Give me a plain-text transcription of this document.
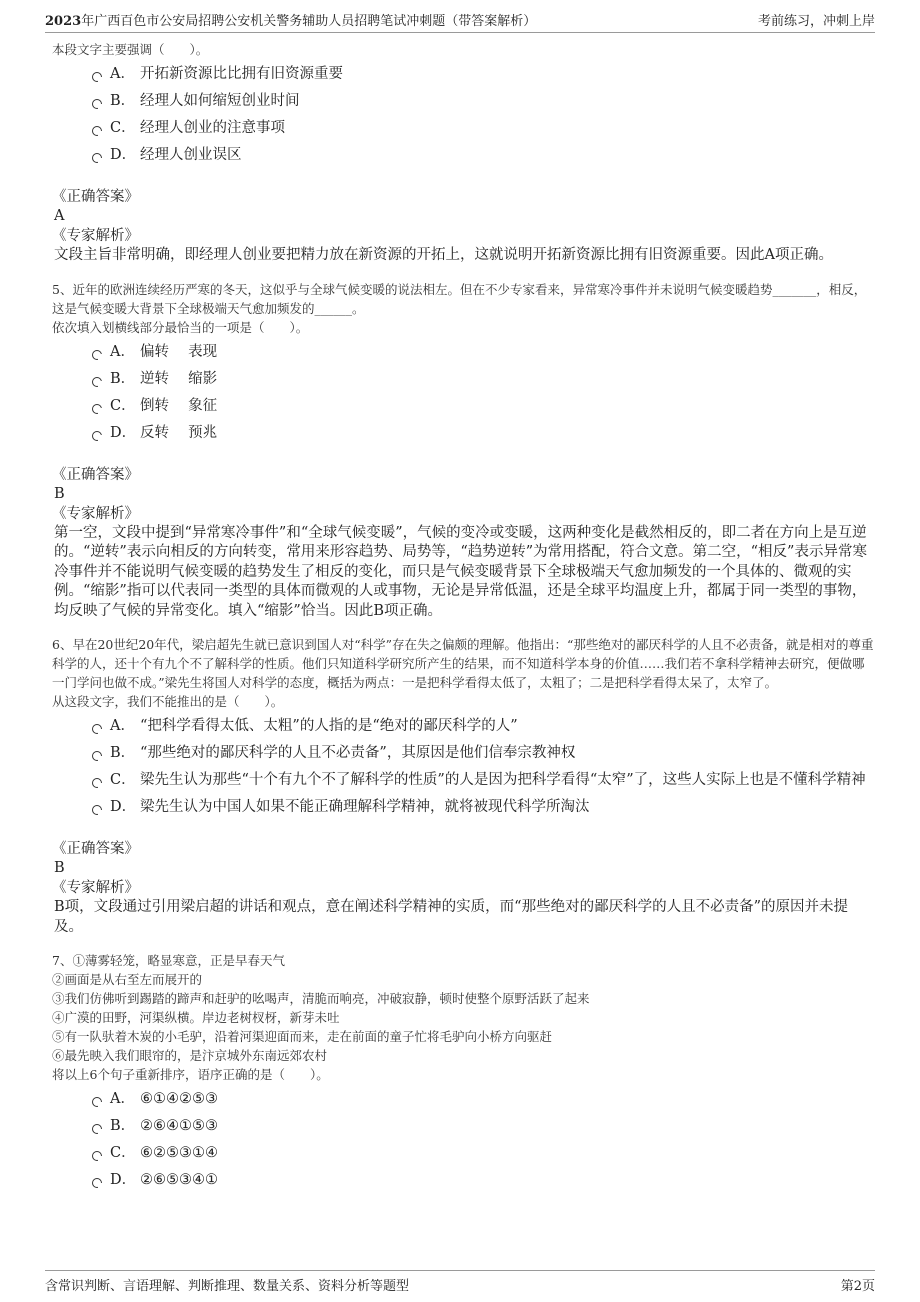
2023年广西百色市公安局招聘公安机关警务辅助人员招聘笔试冲刺题（带答案解析）	考前练习，冲刺上岸
本段文字主要强调（　　）。
A． 开拓新资源比比拥有旧资源重要
B． 经理人如何缩短创业时间
C． 经理人创业的注意事项
D． 经理人创业误区
《正确答案》
A
《专家解析》
文段主旨非常明确，即经理人创业要把精力放在新资源的开拓上，这就说明开拓新资源比拥有旧资源重要。因此A项正确。
5、近年的欧洲连续经历严寒的冬天，这似乎与全球气候变暖的说法相左。但在不少专家看来，异常寒冷事件并未说明气候变暖趋势_______，相反，这是气候变暖大背景下全球极端天气愈加频发的______。
依次填入划横线部分最恰当的一项是（　　）。
A． 偏转　 表现
B． 逆转　 缩影
C． 倒转　 象征
D． 反转　 预兆
《正确答案》
B
《专家解析》
第一空，文段中提到“异常寒冷事件”和“全球气候变暖”，气候的变冷或变暖，这两种变化是截然相反的，即二者在方向上是互逆的。“逆转”表示向相反的方向转变，常用来形容趋势、局势等，“趋势逆转”为常用搭配，符合文意。第二空，“相反”表示异常寒冷事件并不能说明气候变暖的趋势发生了相反的变化，而只是气候变暖背景下全球极端天气愈加频发的一个具体的、微观的实例。“缩影”指可以代表同一类型的具体而微观的人或事物，无论是异常低温，还是全球平均温度上升，都属于同一类型的事物，均反映了气候的异常变化。填入“缩影”恰当。因此B项正确。
6、早在20世纪20年代，梁启超先生就已意识到国人对“科学”存在失之偏颇的理解。他指出：“那些绝对的鄙厌科学的人且不必责备，就是相对的尊重科学的人，还十个有九个不了解科学的性质。他们只知道科学研究所产生的结果，而不知道科学本身的价值……我们若不拿科学精神去研究，便做哪一门学问也做不成。”梁先生将国人对科学的态度，概括为两点：一是把科学看得太低了，太粗了；二是把科学看得太呆了，太窄了。
从这段文字，我们不能推出的是（　　）。
A． “把科学看得太低、太粗”的人指的是“绝对的鄙厌科学的人”
B． “那些绝对的鄙厌科学的人且不必责备”，其原因是他们信奉宗教神权
C． 梁先生认为那些“十个有九个不了解科学的性质”的人是因为把科学看得“太窄”了，这些人实际上也是不懂科学精神
D． 梁先生认为中国人如果不能正确理解科学精神，就将被现代科学所淘汰
《正确答案》
B
《专家解析》
B项，文段通过引用梁启超的讲话和观点，意在阐述科学精神的实质，而“那些绝对的鄙厌科学的人且不必责备”的原因并未提及。
7、①薄雾轻笼，略显寒意，正是早春天气
②画面是从右至左而展开的
③我们仿佛听到踢踏的蹄声和赶驴的吆喝声，清脆而响亮，冲破寂静，顿时使整个原野活跃了起来
④广漠的田野，河渠纵横。岸边老树杈枒，新芽未吐
⑤有一队驮着木炭的小毛驴，沿着河渠迎面而来，走在前面的童子忙将毛驴向小桥方向驱赶
⑥最先映入我们眼帘的，是汴京城外东南远郊农村
将以上6个句子重新排序，语序正确的是（　　）。
A． ⑥①④②⑤③
B． ②⑥④①⑤③
C． ⑥②⑤③①④
D． ②⑥⑤③④①
含常识判断、言语理解、判断推理、数量关系、资料分析等题型	第2页
